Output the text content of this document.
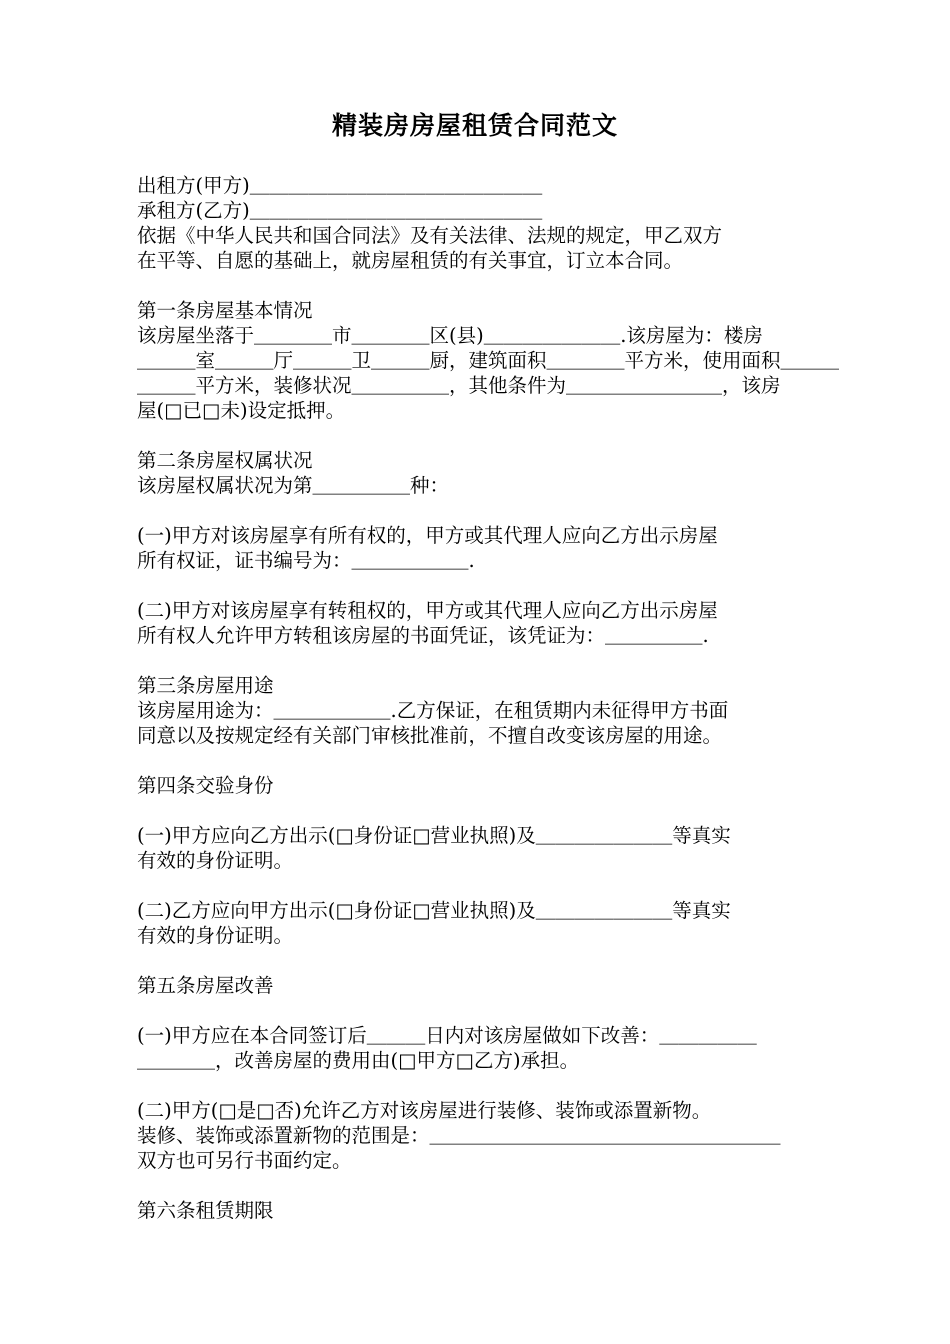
精装房房屋租赁合同范文
出租方(甲方)＿＿＿＿＿＿＿＿＿＿＿＿＿＿＿
承租方(乙方)＿＿＿＿＿＿＿＿＿＿＿＿＿＿＿
依据《中华人民共和国合同法》及有关法律、法规的规定，甲乙双方
在平等、自愿的基础上，就房屋租赁的有关事宜，订立本合同。
第一条房屋基本情况
该房屋坐落于＿＿＿＿市＿＿＿＿区(县)＿＿＿＿＿＿＿.该房屋为：楼房
＿＿＿室＿＿＿厅＿＿＿卫＿＿＿厨，建筑面积＿＿＿＿平方米，使用面积＿＿＿
＿＿＿平方米，装修状况＿＿＿＿＿，其他条件为＿＿＿＿＿＿＿＿，该房
屋(□已□未)设定抵押。
第二条房屋权属状况
该房屋权属状况为第＿＿＿＿＿种：
(一)甲方对该房屋享有所有权的，甲方或其代理人应向乙方出示房屋
所有权证，证书编号为：＿＿＿＿＿＿.
(二)甲方对该房屋享有转租权的，甲方或其代理人应向乙方出示房屋
所有权人允许甲方转租该房屋的书面凭证，该凭证为：＿＿＿＿＿.
第三条房屋用途
该房屋用途为：＿＿＿＿＿＿.乙方保证，在租赁期内未征得甲方书面
同意以及按规定经有关部门审核批准前，不擅自改变该房屋的用途。
第四条交验身份
(一)甲方应向乙方出示(□身份证□营业执照)及＿＿＿＿＿＿＿等真实
有效的身份证明。
(二)乙方应向甲方出示(□身份证□营业执照)及＿＿＿＿＿＿＿等真实
有效的身份证明。
第五条房屋改善
(一)甲方应在本合同签订后＿＿＿日内对该房屋做如下改善：＿＿＿＿＿
＿＿＿＿，改善房屋的费用由(□甲方□乙方)承担。
(二)甲方(□是□否)允许乙方对该房屋进行装修、装饰或添置新物。
装修、装饰或添置新物的范围是：＿＿＿＿＿＿＿＿＿＿＿＿＿＿＿＿＿＿
双方也可另行书面约定。
第六条租赁期限
